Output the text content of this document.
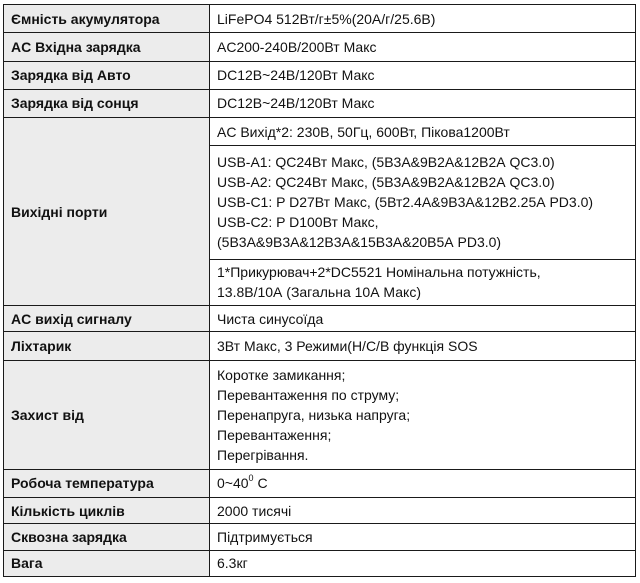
Ємність акумулятора	LiFePO4 512Вт/г±5%(20А/г/25.6В)
AC Вхідна зарядка	AC200-240В/200Вт Макс
Зарядка від Авто	DC12В~24В/120Вт Макс
Зарядка від сонця	DC12В~24В/120Вт Макс
Вихідні порти	AC Вихід*2: 230В, 50Гц, 600Вт, Пікова1200Вт

	USB-A1: QC24Вт Макс, (5В3А&9В2А&12В2А QC3.0)
USB-A2: QC24Вт Макс, (5В3А&9В2А&12В2А QC3.0)
USB-C1: P D27Вт Макс, (5Вт2.4А&9В3А&12В2.25А PD3.0)
USB-C2: P D100Вт Макс,
(5В3А&9В3А&12В3А&15В3А&20В5А PD3.0)

	1*Прикурювач+2*DC5521 Номінальна потужність,
13.8В/10А (Загальна 10А Макс)

AC вихід сигналу	Чиста синусоїда
Ліхтарик	3Вт Макс, 3 Режими(Н/С/В функція SOS
Захист від	Коротке замикання;
Перевантаження по струму;
Перенапруга, низька напруга;
Перевантаження;
Перегрівання.

Робоча температура	$0\sim 40^0$ С
Кількість циклів	2000 тисячі
Сквозна зарядка	Підтримується
Вага	6.3кг
